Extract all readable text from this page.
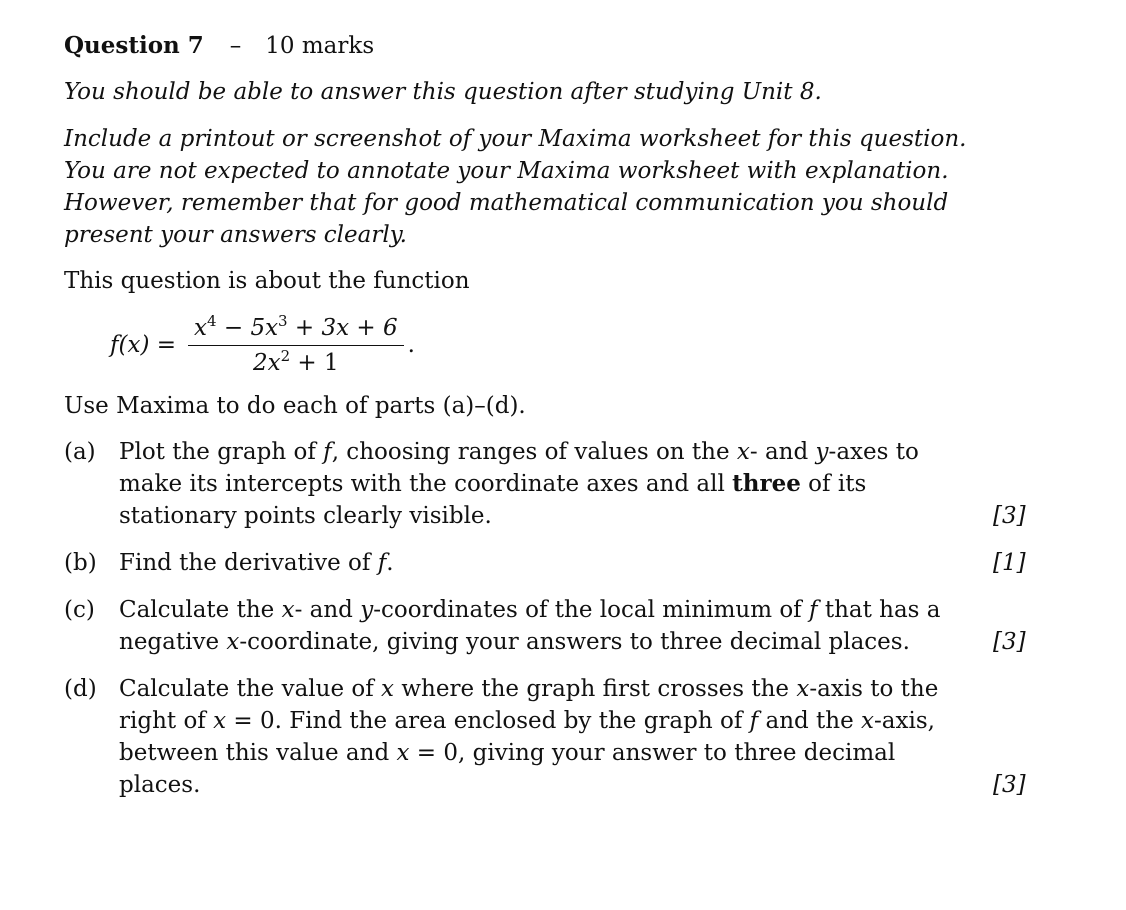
Question 7 – 10 marks
You should be able to answer this question after studying Unit 8.
Include a printout or screenshot of your Maxima worksheet for this question.
You are not expected to annotate your Maxima worksheet with explanation.
However, remember that for good mathematical communication you should
present your answers clearly.
This question is about the function
$f(x) = \frac{x^4 - 5x^3 + 3x + 6}{2x^2 + 1}$ .
Use Maxima to do each of parts (a)–(d).
(a) Plot the graph of f, choosing ranges of values on the x- and y-axes to
make its intercepts with the coordinate axes and all three of its
stationary points clearly visible.	[3]
(b) Find the derivative of f.	[1]
(c) Calculate the x- and y-coordinates of the local minimum of f that has a
negative x-coordinate, giving your answers to three decimal places.	[3]
(d) Calculate the value of x where the graph first crosses the x-axis to the
right of x = 0. Find the area enclosed by the graph of f and the x-axis,
between this value and x = 0, giving your answer to three decimal
places.	[3]
